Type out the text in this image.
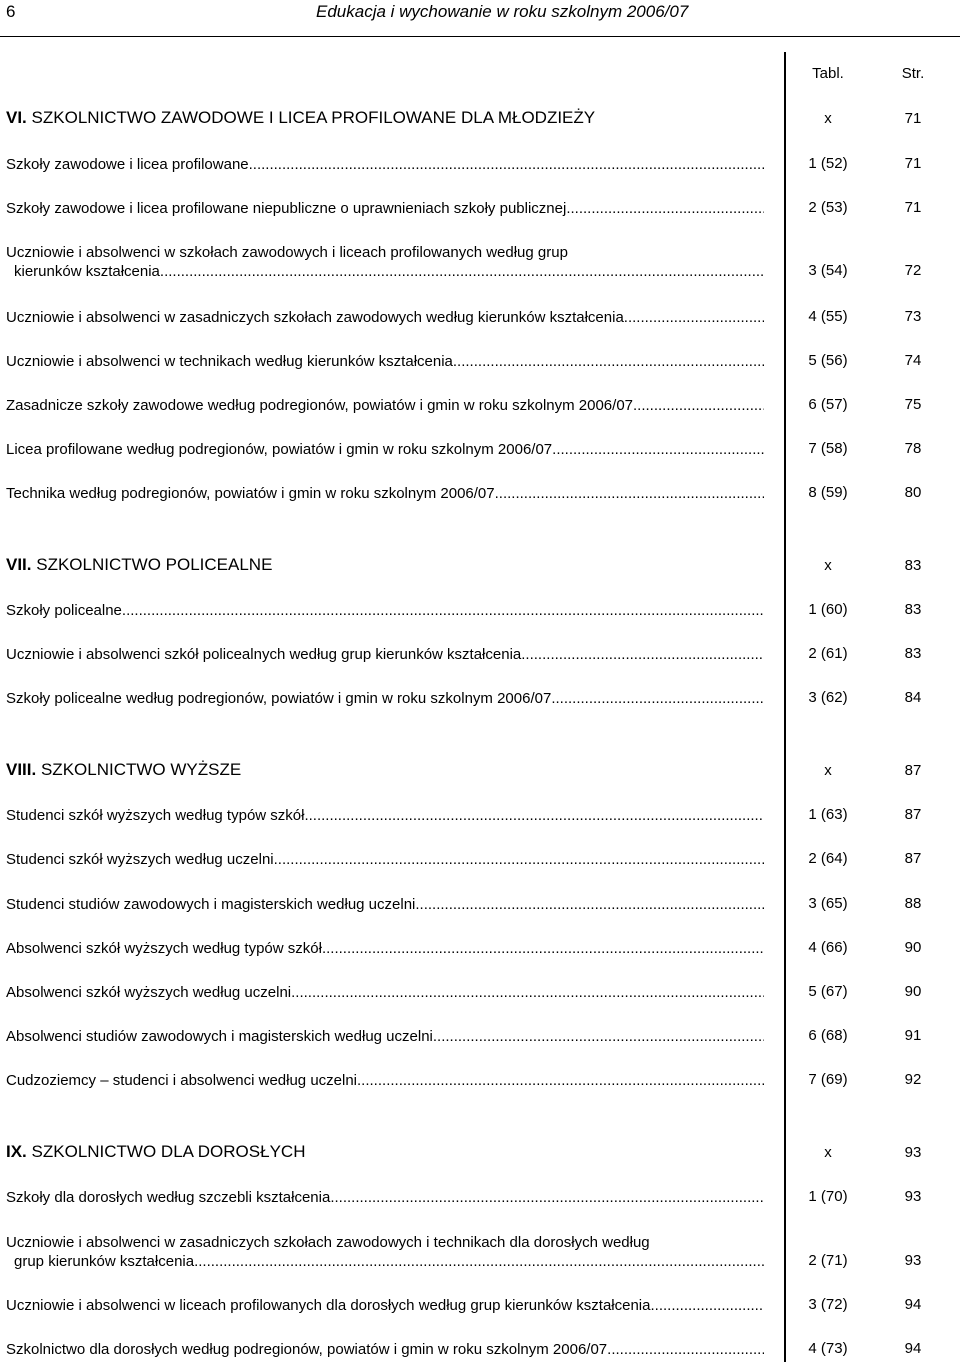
6	Edukacja i wychowanie w roku szkolnym 2006/07
Tabl.	Str.
VI. SZKOLNICTWO ZAWODOWE I LICEA PROFILOWANE DLA MŁODZIEŻY	x	71
Szkoły zawodowe i licea profilowane .....	1 (52)	71
Szkoły zawodowe i licea profilowane niepubliczne o uprawnieniach szkoły publicznej .....	2 (53)	71
Uczniowie i absolwenci w szkołach zawodowych i liceach profilowanych według grup
kierunków kształcenia .....	3 (54)	72
Uczniowie i absolwenci w zasadniczych szkołach zawodowych według kierunków kształcenia .....	4 (55)	73
Uczniowie i absolwenci w technikach według kierunków kształcenia .....	5 (56)	74
Zasadnicze szkoły zawodowe według podregionów, powiatów i gmin w roku szkolnym 2006/07 .....	6 (57)	75
Licea profilowane według podregionów, powiatów i gmin w roku szkolnym 2006/07 .....	7 (58)	78
Technika według podregionów, powiatów i gmin w roku szkolnym 2006/07 .....	8 (59)	80
VII. SZKOLNICTWO POLICEALNE	x	83
Szkoły policealne .....	1 (60)	83
Uczniowie i absolwenci szkół policealnych według grup kierunków kształcenia .....	2 (61)	83
Szkoły policealne według podregionów, powiatów i gmin w roku szkolnym 2006/07 .....	3 (62)	84
VIII. SZKOLNICTWO WYŻSZE	x	87
Studenci szkół wyższych według typów szkół .....	1 (63)	87
Studenci szkół wyższych według uczelni .....	2 (64)	87
Studenci studiów zawodowych i magisterskich według uczelni .....	3 (65)	88
Absolwenci szkół wyższych według typów szkół .....	4 (66)	90
Absolwenci szkół wyższych według uczelni .....	5 (67)	90
Absolwenci studiów zawodowych i magisterskich według uczelni .....	6 (68)	91
Cudzoziemcy – studenci i absolwenci według uczelni .....	7 (69)	92
IX. SZKOLNICTWO DLA DOROSŁYCH	x	93
Szkoły dla dorosłych według szczebli kształcenia .....	1 (70)	93
Uczniowie i absolwenci w zasadniczych szkołach zawodowych i technikach dla dorosłych według
grup kierunków kształcenia .....	2 (71)	93
Uczniowie i absolwenci w liceach profilowanych dla dorosłych według grup kierunków kształcenia .....	3 (72)	94
Szkolnictwo dla dorosłych według podregionów, powiatów i gmin w roku szkolnym 2006/07 .....	4 (73)	94
